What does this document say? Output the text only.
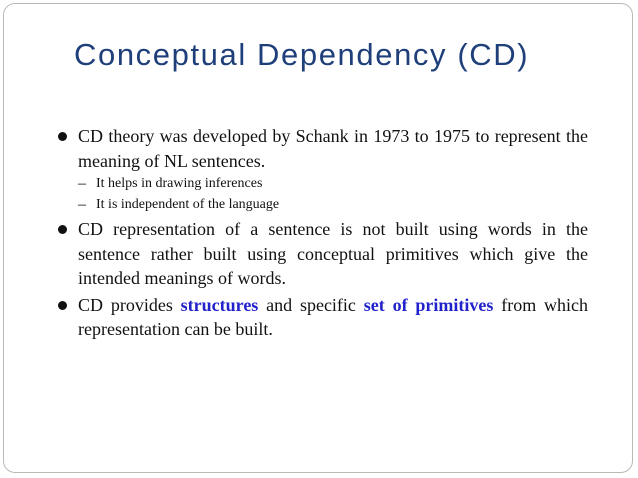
Conceptual Dependency (CD)

CD theory was developed by Schank in 1973 to 1975 to represent the meaning of NL sentences.

– It helps in drawing inferences

– It is independent of the language

CD representation of a sentence is not built using words in the sentence rather built using conceptual primitives which give the intended meanings of words.

CD provides structures and specific set of primitives from which representation can be built.
